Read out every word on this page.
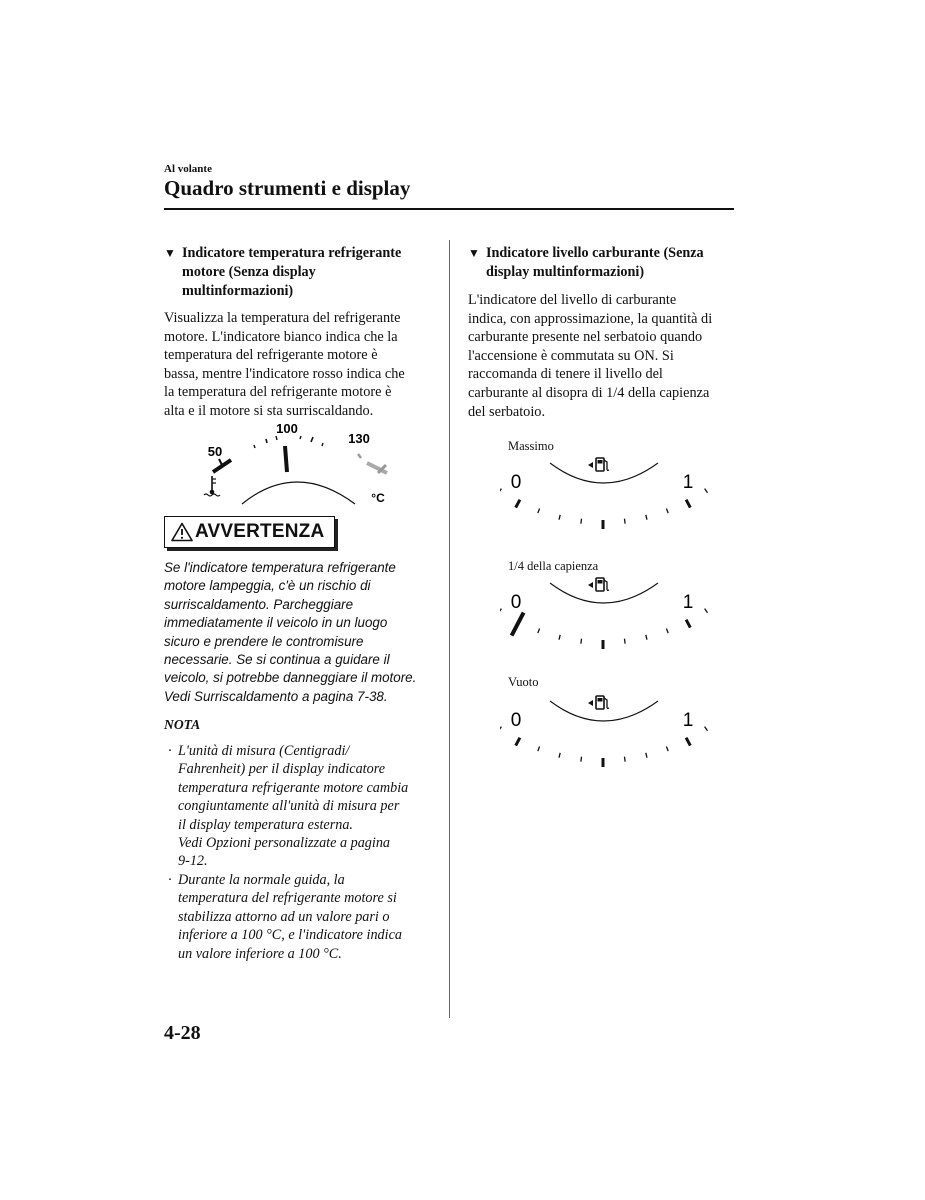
Al volante
Quadro strumenti e display
▼ Indicatore temperatura refrigerante
motore (Senza display
multinformazioni)
Visualizza la temperatura del refrigerante
motore. L'indicatore bianco indica che la
temperatura del refrigerante motore è
bassa, mentre l'indicatore rosso indica che
la temperatura del refrigerante motore è
alta e il motore si sta surriscaldando.
50
100
130
°C
AVVERTENZA
Se l'indicatore temperatura refrigerante
motore lampeggia, c'è un rischio di
surriscaldamento. Parcheggiare
immediatamente il veicolo in un luogo
sicuro e prendere le contromisure
necessarie. Se si continua a guidare il
veicolo, si potrebbe danneggiare il motore.
Vedi Surriscaldamento a pagina 7-38.
NOTA
· L'unità di misura (Centigradi/
Fahrenheit) per il display indicatore
temperatura refrigerante motore cambia
congiuntamente all'unità di misura per
il display temperatura esterna.
Vedi Opzioni personalizzate a pagina
9-12.
· Durante la normale guida, la
temperatura del refrigerante motore si
stabilizza attorno ad un valore pari o
inferiore a 100 °C, e l'indicatore indica
un valore inferiore a 100 °C.
▼ Indicatore livello carburante (Senza
display multinformazioni)
L'indicatore del livello di carburante
indica, con approssimazione, la quantità di
carburante presente nel serbatoio quando
l'accensione è commutata su ON. Si
raccomanda di tenere il livello del
carburante al disopra di 1/4 della capienza
del serbatoio.
Massimo
0	1
1/4 della capienza
0	1
Vuoto
0	1
4-28
